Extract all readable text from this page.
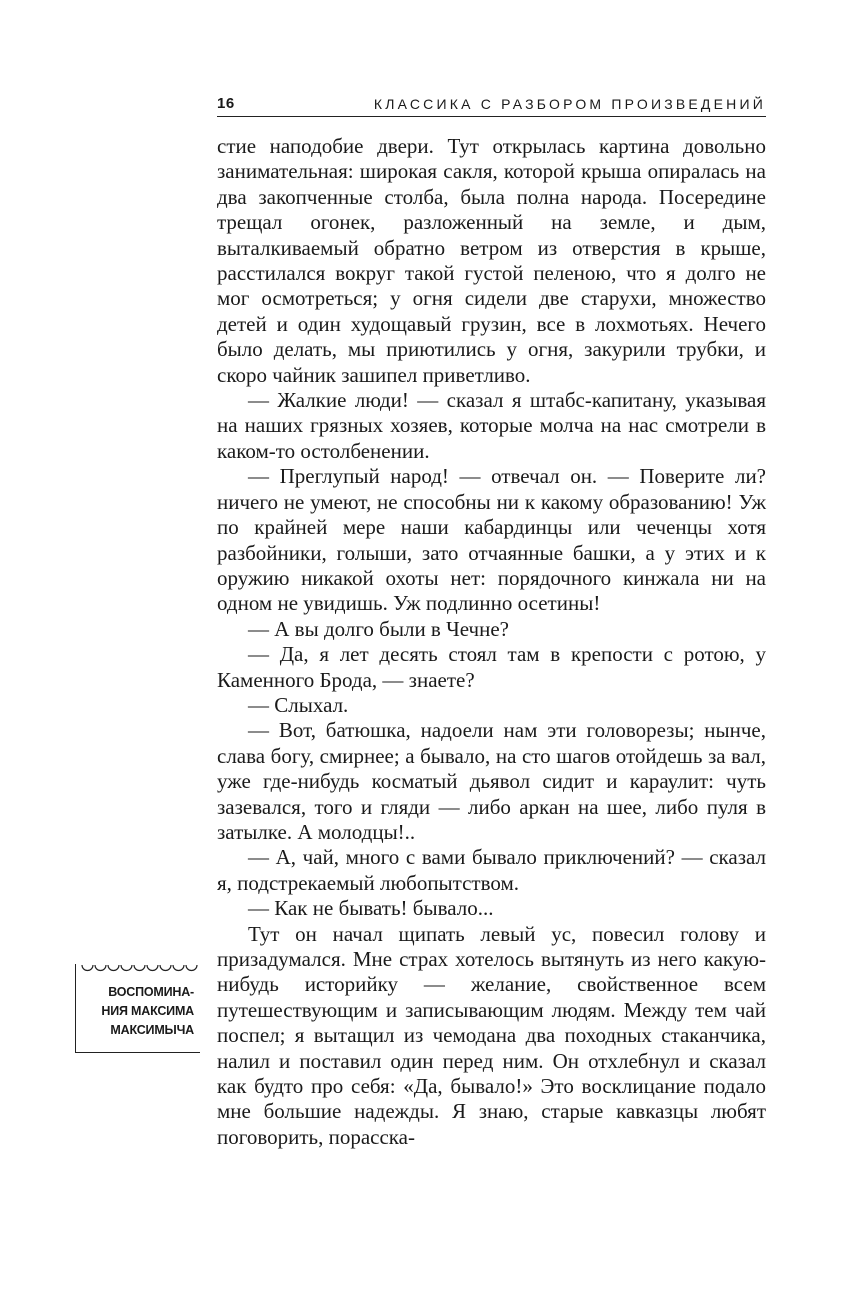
16	КЛАССИКА С РАЗБОРОМ ПРОИЗВЕДЕНИЙ
ВОСПОМИНА-
НИЯ МАКСИМА
МАКСИМЫЧА

стие наподобие двери. Тут открылась картина довольно занимательная: широкая сакля, которой крыша опиралась на два закопченные столба, была полна народа. Посередине трещал огонек, разложенный на земле, и дым, выталкиваемый обратно ветром из отверстия в крыше, расстилался вокруг такой густой пеленoю, что я долго не мог осмотреться; у огня сидели две старухи, множество детей и один худощавый грузин, все в лохмотьях. Нечего было делать, мы приютились у огня, закурили трубки, и скоро чайник зашипел приветливо.

— Жалкие люди! — сказал я штабс-капитану, указывая на наших грязных хозяев, которые молча на нас смотрели в каком-то остолбенении.

— Преглупый народ! — отвечал он. — Поверите ли? ничего не умеют, не способны ни к какому образованию! Уж по крайней мере наши кабардинцы или чеченцы хотя разбойники, голыши, зато отчаянные башки, а у этих и к оружию никакой охоты нет: порядочного кинжала ни на одном не увидишь. Уж подлинно осетины!

— А вы долго были в Чечне?

— Да, я лет десять стоял там в крепости с ротою, у Каменного Брода, — знаете?

— Слыхал.

— Вот, батюшка, надоели нам эти головорезы; нынче, слава богу, смирнее; а бывало, на сто шагов отойдешь за вал, уже где-нибудь косматый дьявол сидит и караулит: чуть зазевался, того и гляди — либо аркан на шее, либо пуля в затылке. А молодцы!..

— А, чай, много с вами бывало приключений? — сказал я, подстрекаемый любопытством.

— Как не бывать! бывало...

Тут он начал щипать левый ус, повесил голову и призадумался. Мне страх хотелось вытянуть из него какую-нибудь историйку — желание, свойственное всем путешествующим и записывающим людям. Между тем чай поспел; я вытащил из чемодана два походных стаканчика, налил и поставил один перед ним. Он отхлебнул и сказал как будто про себя: «Да, бывало!» Это восклицание подало мне большие надежды. Я знаю, старые кавказцы любят поговорить, порасска-
